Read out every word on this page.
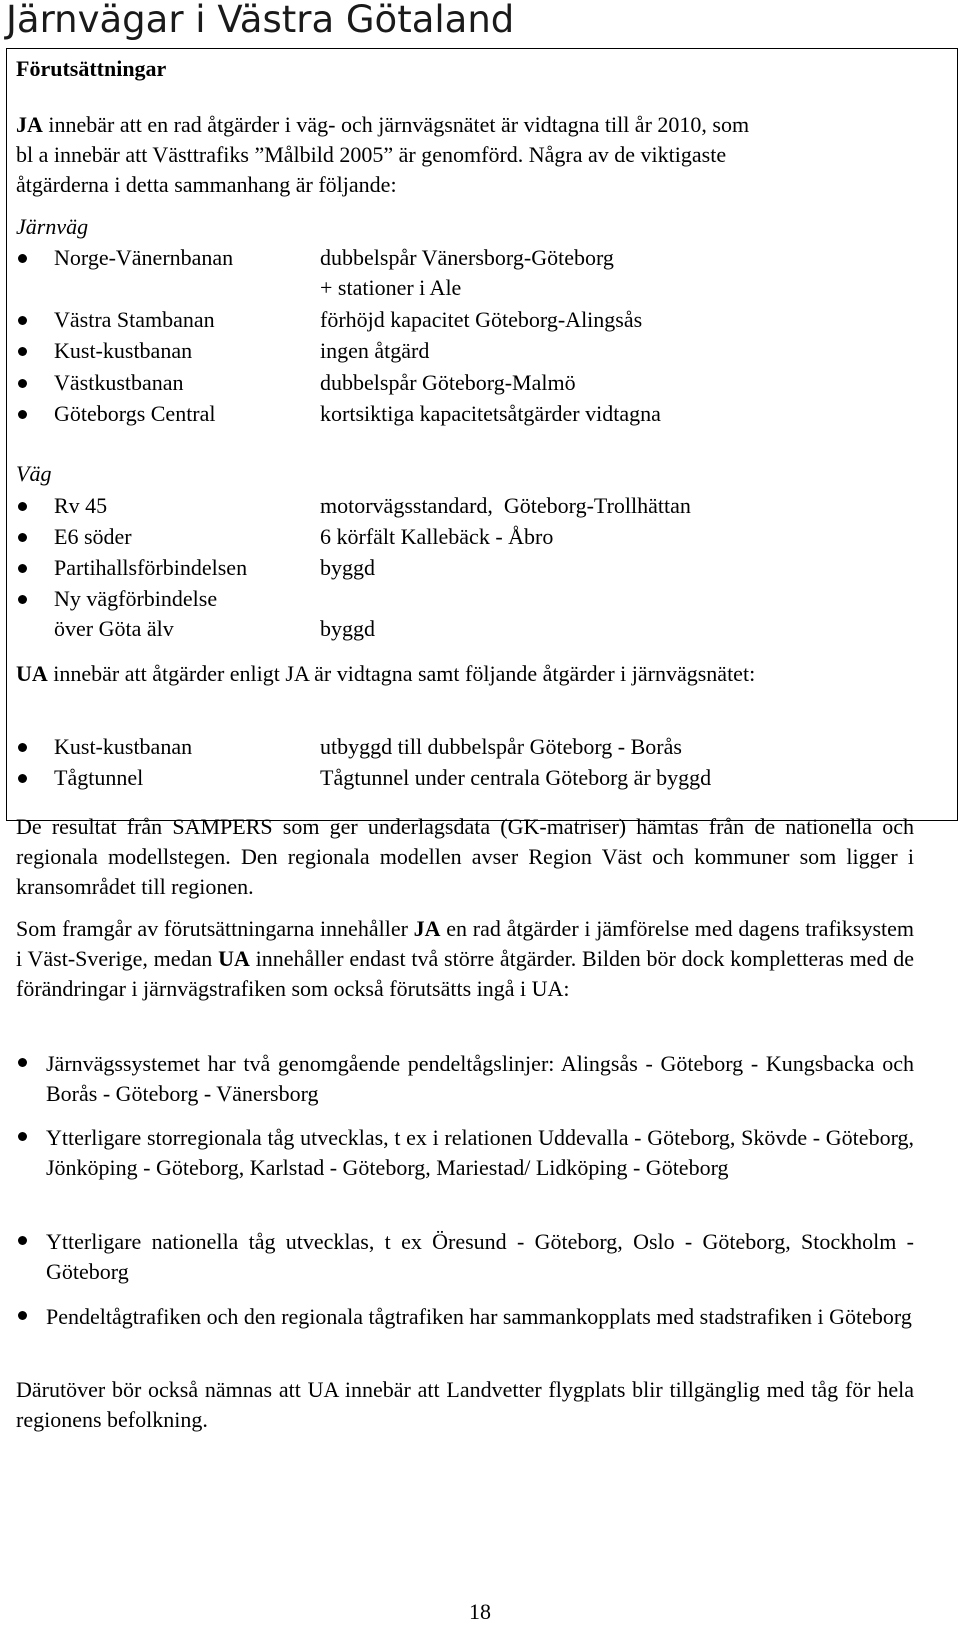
Järnvägar i Västra Götaland
Förutsättningar
JA innebär att en rad åtgärder i väg- och järnvägsnätet är vidtagna till år 2010, som
bl a innebär att Västtrafiks ”Målbild 2005” är genomförd. Några av de viktigaste
åtgärderna i detta sammanhang är följande:
Järnväg
Norge-Vänernbanan	dubbelspår Vänersborg-Göteborg
+ stationer i Ale
Västra Stambanan	förhöjd kapacitet Göteborg-Alingsås
Kust-kustbanan	ingen åtgärd
Västkustbanan	dubbelspår Göteborg-Malmö
Göteborgs Central	kortsiktiga kapacitetsåtgärder vidtagna
Väg
Rv 45	motorvägsstandard,  Göteborg-Trollhättan
E6 söder	6 körfält Kallebäck - Åbro
Partihallsförbindelsen	byggd
Ny vägförbindelse
över Göta älv	byggd
UA innebär att åtgärder enligt JA är vidtagna samt följande åtgärder i järnvägsnätet:
Kust-kustbanan	utbyggd till dubbelspår Göteborg - Borås
Tågtunnel	Tågtunnel under centrala Göteborg är byggd
De resultat från SAMPERS som ger underlagsdata (GK-matriser) hämtas från de nationella och regionala modellstegen. Den regionala modellen avser Region Väst och kommuner som ligger i kransområdet till regionen.
Som framgår av förutsättningarna innehåller JA en rad åtgärder i jämförelse med dagens trafiksystem i Väst-Sverige, medan UA innehåller endast två större åtgärder. Bilden bör dock kompletteras med de förändringar i järnvägstrafiken som också förutsätts ingå i UA:
Järnvägssystemet har två genomgående pendeltågslinjer: Alingsås - Göteborg - Kungsbacka och Borås - Göteborg - Vänersborg
Ytterligare storregionala tåg utvecklas, t ex i relationen Uddevalla - Göteborg, Skövde - Göteborg, Jönköping - Göteborg, Karlstad - Göteborg, Mariestad/ Lidköping - Göteborg
Ytterligare nationella tåg utvecklas, t ex Öresund - Göteborg, Oslo - Göteborg, Stockholm - Göteborg
Pendeltågtrafiken och den regionala tågtrafiken har sammankopplats med stadstrafiken i Göteborg
Därutöver bör också nämnas att UA innebär att Landvetter flygplats blir tillgänglig med tåg för hela regionens befolkning.
18
